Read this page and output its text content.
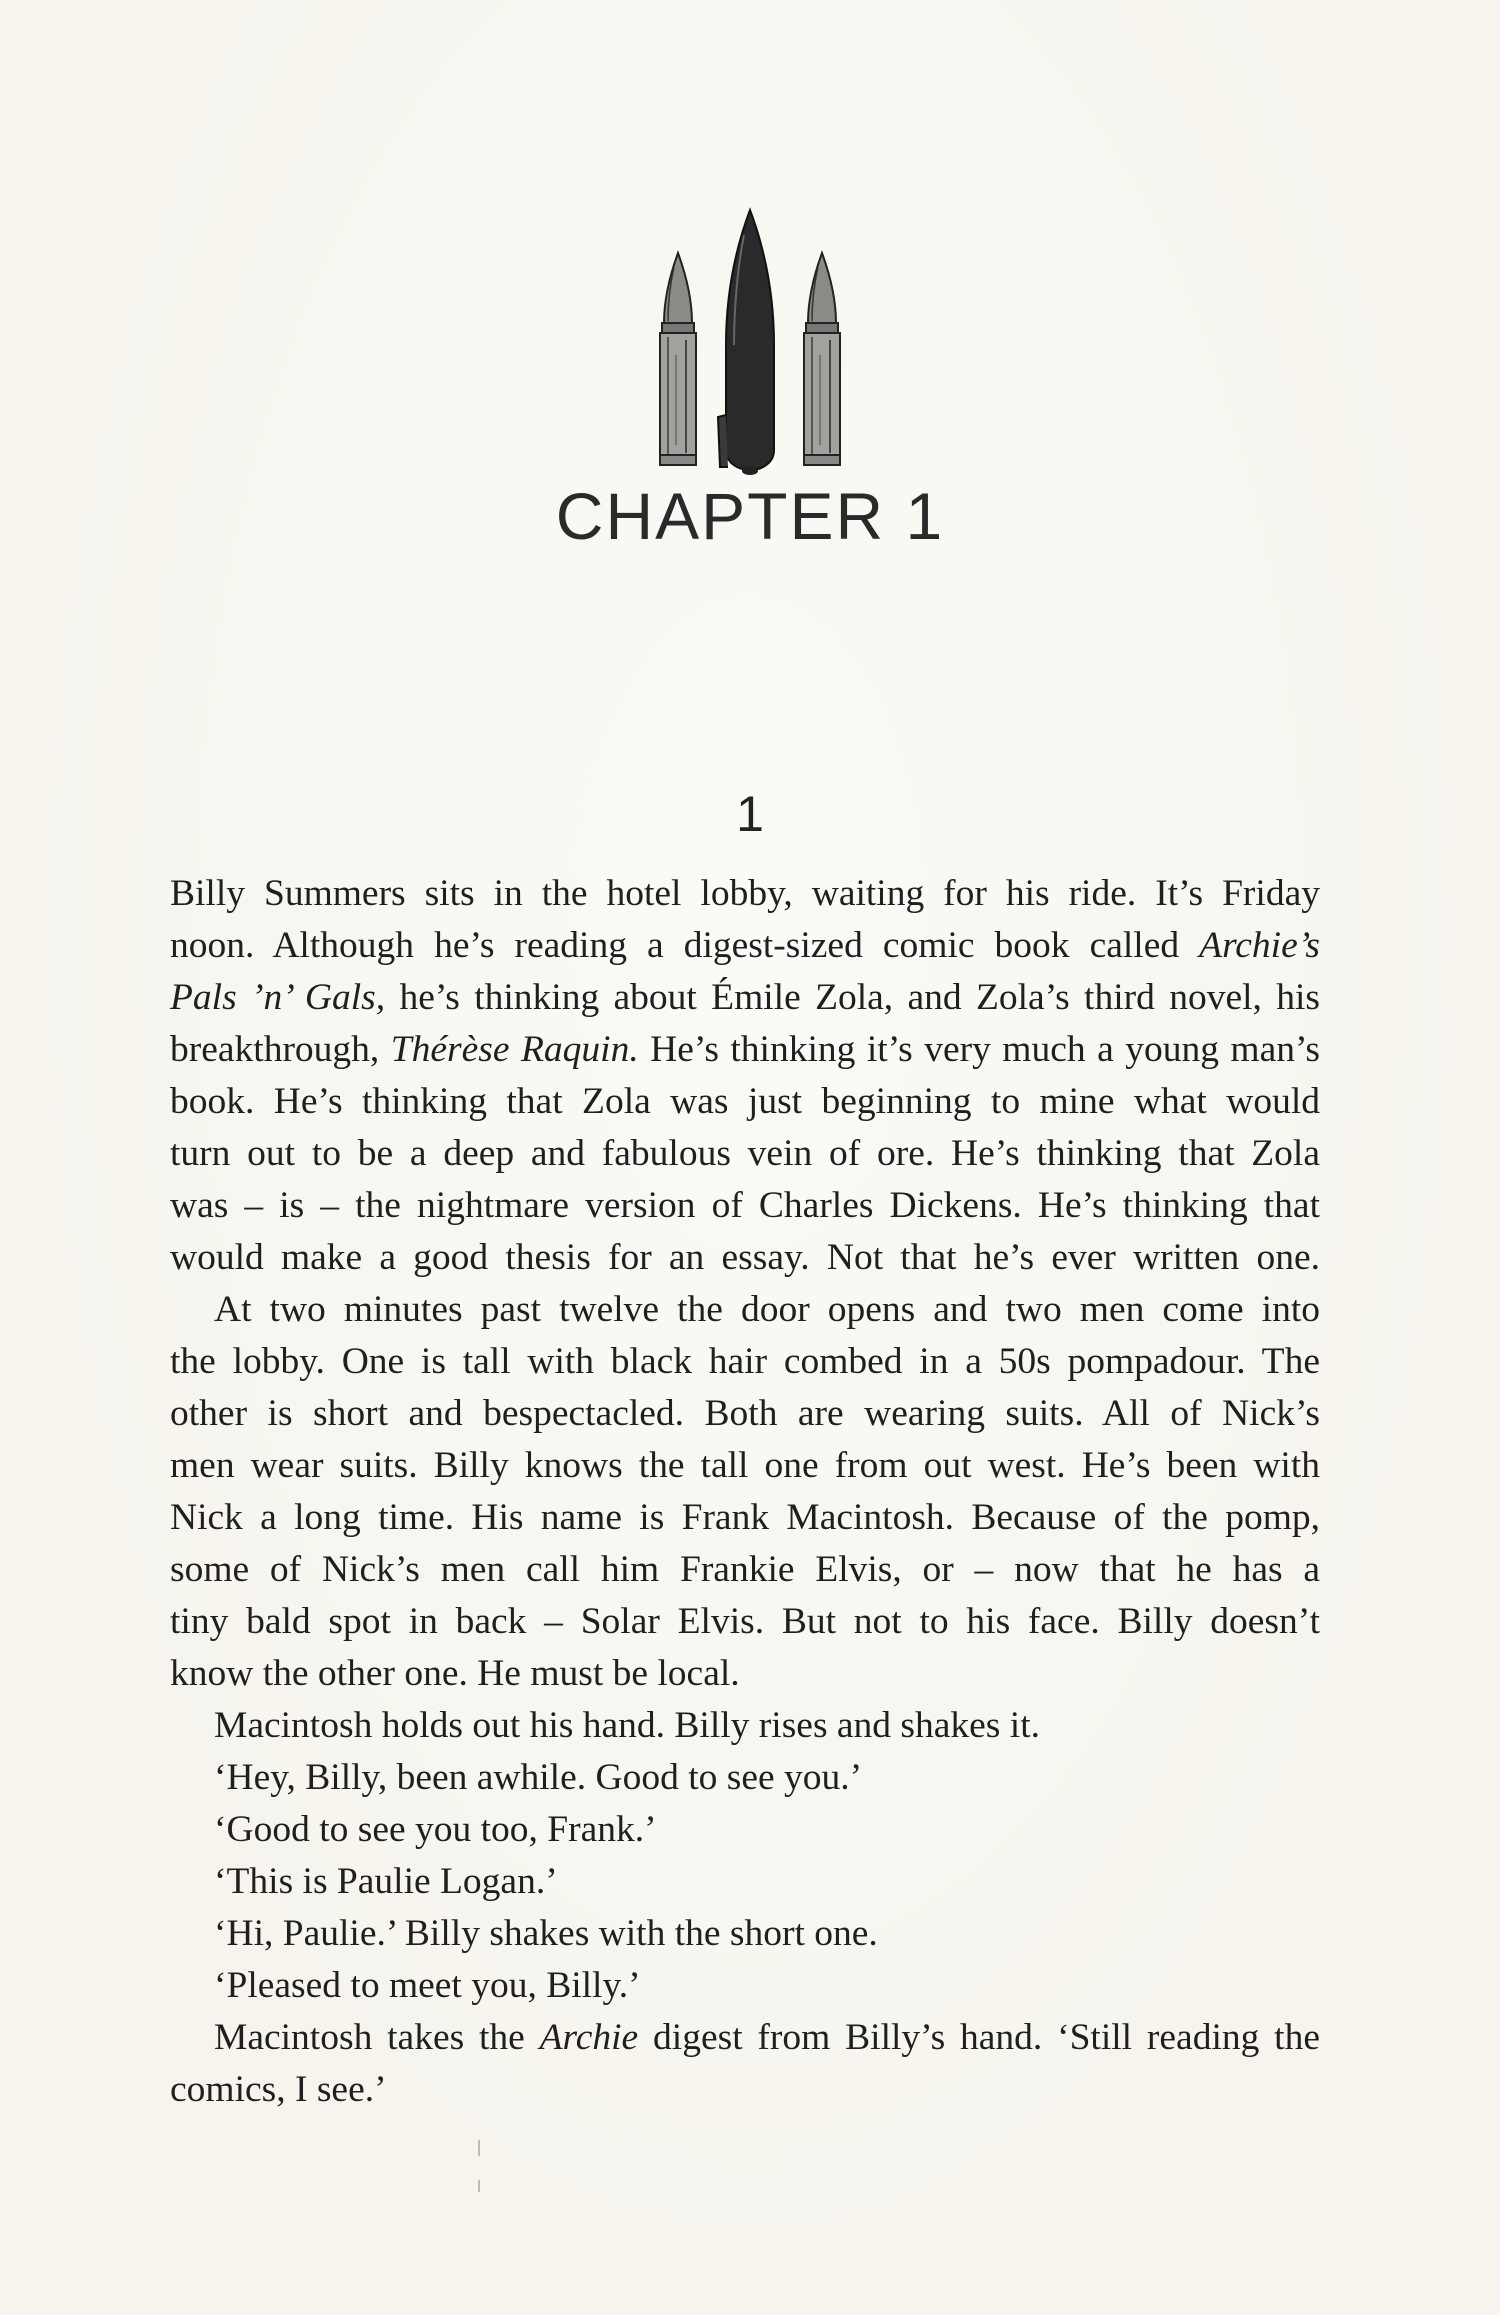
CHAPTER 1
1
Billy Summers sits in the hotel lobby, waiting for his ride. It’s Friday
noon. Although he’s reading a digest-sized comic book called Archie’s
Pals ’n’ Gals, he’s thinking about Émile Zola, and Zola’s third novel, his
breakthrough, Thérèse Raquin. He’s thinking it’s very much a young man’s
book. He’s thinking that Zola was just beginning to mine what would
turn out to be a deep and fabulous vein of ore. He’s thinking that Zola
was – is – the nightmare version of Charles Dickens. He’s thinking that
would make a good thesis for an essay. Not that he’s ever written one.
At two minutes past twelve the door opens and two men come into
the lobby. One is tall with black hair combed in a 50s pompadour. The
other is short and bespectacled. Both are wearing suits. All of Nick’s
men wear suits. Billy knows the tall one from out west. He’s been with
Nick a long time. His name is Frank Macintosh. Because of the pomp,
some of Nick’s men call him Frankie Elvis, or – now that he has a
tiny bald spot in back – Solar Elvis. But not to his face. Billy doesn’t
know the other one. He must be local.
Macintosh holds out his hand. Billy rises and shakes it.
‘Hey, Billy, been awhile. Good to see you.’
‘Good to see you too, Frank.’
‘This is Paulie Logan.’
‘Hi, Paulie.’ Billy shakes with the short one.
‘Pleased to meet you, Billy.’
Macintosh takes the Archie digest from Billy’s hand. ‘Still reading the
comics, I see.’
